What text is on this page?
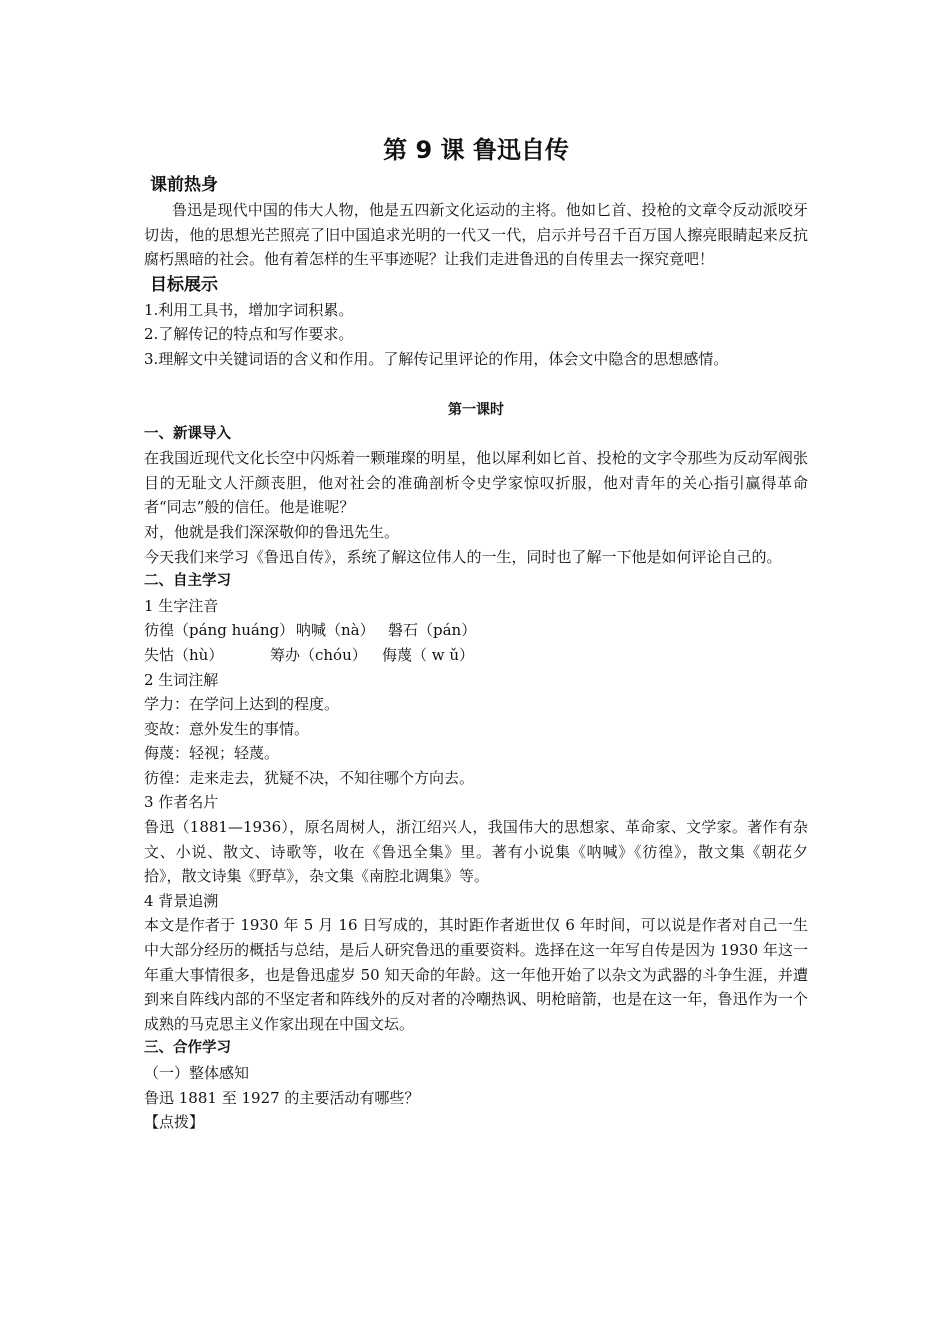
第 9 课 鲁迅自传
课前热身

鲁迅是现代中国的伟大人物，他是五四新文化运动的主将。他如匕首、投枪的文章令反动派咬牙切齿，他的思想光芒照亮了旧中国追求光明的一代又一代，启示并号召千百万国人擦亮眼睛起来反抗腐朽黑暗的社会。他有着怎样的生平事迹呢？让我们走进鲁迅的自传里去一探究竟吧！

目标展示
1.利用工具书，增加字词积累。
2.了解传记的特点和写作要求。
3.理解文中关键词语的含义和作用。了解传记里评论的作用，体会文中隐含的思想感情。
第一课时
一、新课导入

在我国近现代文化长空中闪烁着一颗璀璨的明星，他以犀利如匕首、投枪的文字令那些为反动军阀张目的无耻文人汗颜丧胆，他对社会的准确剖析令史学家惊叹折服，他对青年的关心指引赢得革命者“同志”般的信任。他是谁呢？

对，他就是我们深深敬仰的鲁迅先生。

今天我们来学习《鲁迅自传》，系统了解这位伟人的一生，同时也了解一下他是如何评论自己的。

二、自主学习

1 生字注音

彷徨（páng huáng） 呐喊（nà） 磐石（pán）

失怙（hù）	筹办（chóu） 侮蔑（ w ǔ）

2 生词注解

学力：在学问上达到的程度。

变故：意外发生的事情。

侮蔑：轻视；轻蔑。

彷徨：走来走去，犹疑不决，不知往哪个方向去。

3 作者名片

鲁迅（1881—1936），原名周树人，浙江绍兴人，我国伟大的思想家、革命家、文学家。著作有杂文、小说、散文、诗歌等，收在《鲁迅全集》里。著有小说集《呐喊》《彷徨》，散文集《朝花夕拾》，散文诗集《野草》，杂文集《南腔北调集》等。

4 背景追溯

本文是作者于 1930 年 5 月 16 日写成的，其时距作者逝世仅 6 年时间，可以说是作者对自己一生中大部分经历的概括与总结，是后人研究鲁迅的重要资料。选择在这一年写自传是因为 1930 年这一年重大事情很多，也是鲁迅虚岁 50 知天命的年龄。这一年他开始了以杂文为武器的斗争生涯，并遭到来自阵线内部的不坚定者和阵线外的反对者的冷嘲热讽、明枪暗箭，也是在这一年，鲁迅作为一个成熟的马克思主义作家出现在中国文坛。

三、合作学习

（一）整体感知

鲁迅 1881 至 1927 的主要活动有哪些？

【点拨】
